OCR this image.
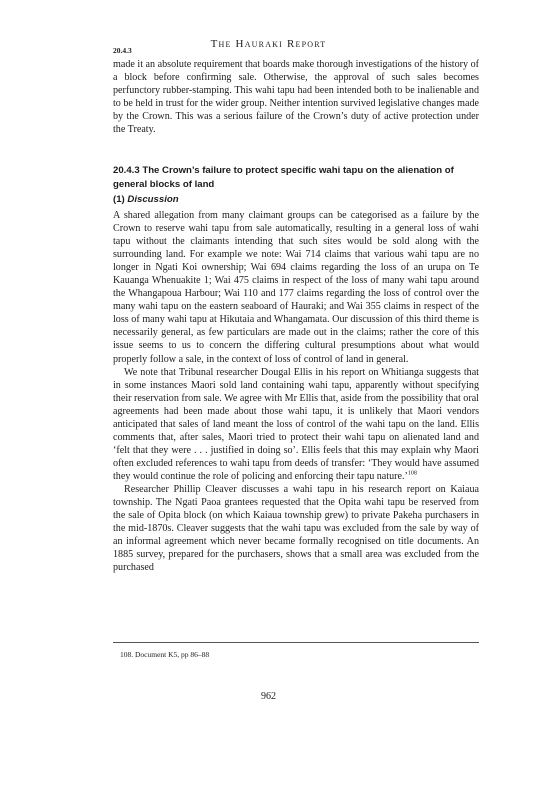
The Hauraki Report
20.4.3

made it an absolute requirement that boards make thorough investigations of the history of a block before confirming sale. Otherwise, the approval of such sales becomes perfunctory rubber-stamping. This wahi tapu had been intended both to be inalienable and to be held in trust for the wider group. Neither intention survived legislative changes made by the Crown. This was a serious failure of the Crown’s duty of active protection under the Treaty.

20.4.3 The Crown’s failure to protect specific wahi tapu on the alienation of general blocks of land
(1) Discussion

A shared allegation from many claimant groups can be categorised as a failure by the Crown to reserve wahi tapu from sale automatically, resulting in a general loss of wahi tapu without the claimants intending that such sites would be sold along with the surrounding land. For example we note: Wai 714 claims that various wahi tapu are no longer in Ngati Koi ownership; Wai 694 claims regarding the loss of an urupa on Te Kauanga Whenuakite 1; Wai 475 claims in respect of the loss of many wahi tapu around the Whangapoua Harbour; Wai 110 and 177 claims regarding the loss of control over the many wahi tapu on the eastern seaboard of Hauraki; and Wai 355 claims in respect of the loss of many wahi tapu at Hikutaia and Whangamata. Our discussion of this third theme is necessarily general, as few particulars are made out in the claims; rather the core of this issue seems to us to concern the differing cultural presumptions about what would properly follow a sale, in the context of loss of control of land in general.

We note that Tribunal researcher Dougal Ellis in his report on Whitianga suggests that in some instances Maori sold land containing wahi tapu, apparently without specifying their reservation from sale. We agree with Mr Ellis that, aside from the possibility that oral agreements had been made about those wahi tapu, it is unlikely that Maori vendors anticipated that sales of land meant the loss of control of the wahi tapu on the land. Ellis comments that, after sales, Maori tried to protect their wahi tapu on alienated land and ‘felt that they were . . . justified in doing so’. Ellis feels that this may explain why Maori often excluded references to wahi tapu from deeds of transfer: ‘They would have assumed they would continue the role of policing and enforcing their tapu nature.’$^{108}$

Researcher Phillip Cleaver discusses a wahi tapu in his research report on Kaiaua township. The Ngati Paoa grantees requested that the Opita wahi tapu be reserved from the sale of Opita block (on which Kaiaua township grew) to private Pakeha purchasers in the mid-1870s. Cleaver suggests that the wahi tapu was excluded from the sale by way of an informal agreement which never became formally recognised on title documents. An 1885 survey, prepared for the purchasers, shows that a small area was excluded from the purchased

108. Document K5, pp 86–88
962
